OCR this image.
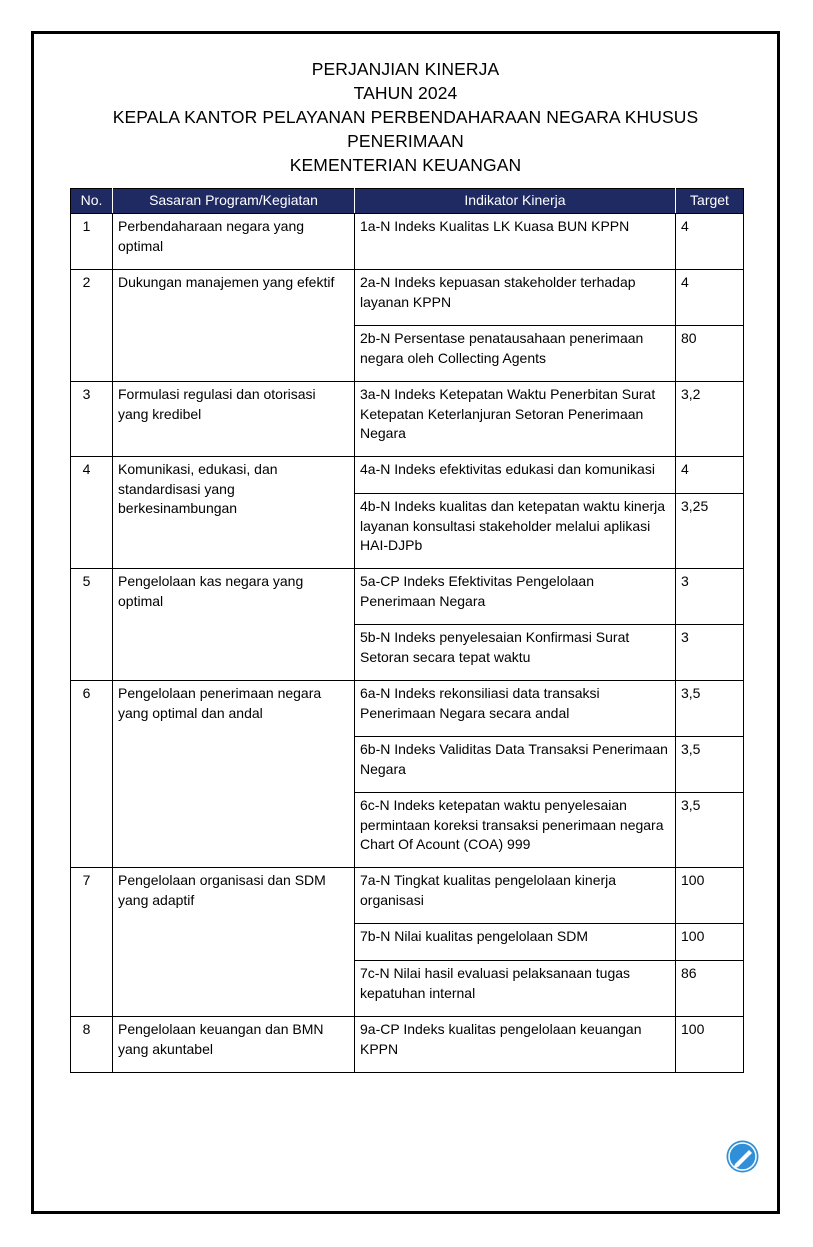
PERJANJIAN KINERJA
TAHUN 2024
KEPALA KANTOR PELAYANAN PERBENDAHARAAN NEGARA KHUSUS
PENERIMAAN
KEMENTERIAN KEUANGAN
No.	Sasaran Program/Kegiatan	Indikator Kinerja	Target
1	Perbendaharaan negara yang optimal	1a-N Indeks Kualitas LK Kuasa BUN KPPN	4
2	Dukungan manajemen yang efektif	2a-N Indeks kepuasan stakeholder terhadap layanan KPPN	4
		2b-N Persentase penatausahaan penerimaan negara oleh Collecting Agents	80
3	Formulasi regulasi dan otorisasi yang kredibel	3a-N Indeks Ketepatan Waktu Penerbitan Surat Ketepatan Keterlanjuran Setoran Penerimaan Negara	3,2
4	Komunikasi, edukasi, dan standardisasi yang berkesinambungan	4a-N Indeks efektivitas edukasi dan komunikasi	4
		4b-N Indeks kualitas dan ketepatan waktu kinerja layanan konsultasi stakeholder melalui aplikasi HAI-DJPb	3,25
5	Pengelolaan kas negara yang optimal	5a-CP Indeks Efektivitas Pengelolaan Penerimaan Negara	3
		5b-N Indeks penyelesaian Konfirmasi Surat Setoran secara tepat waktu	3
6	Pengelolaan penerimaan negara yang optimal dan andal	6a-N Indeks rekonsiliasi data transaksi Penerimaan Negara secara andal	3,5
		6b-N Indeks Validitas Data Transaksi Penerimaan Negara	3,5
		6c-N Indeks ketepatan waktu penyelesaian permintaan koreksi transaksi penerimaan negara Chart Of Acount (COA) 999	3,5
7	Pengelolaan organisasi dan SDM yang adaptif	7a-N Tingkat kualitas pengelolaan kinerja organisasi	100
		7b-N Nilai kualitas pengelolaan SDM	100
		7c-N Nilai hasil evaluasi pelaksanaan tugas kepatuhan internal	86
8	Pengelolaan keuangan dan BMN yang akuntabel	9a-CP Indeks kualitas pengelolaan keuangan KPPN	100
